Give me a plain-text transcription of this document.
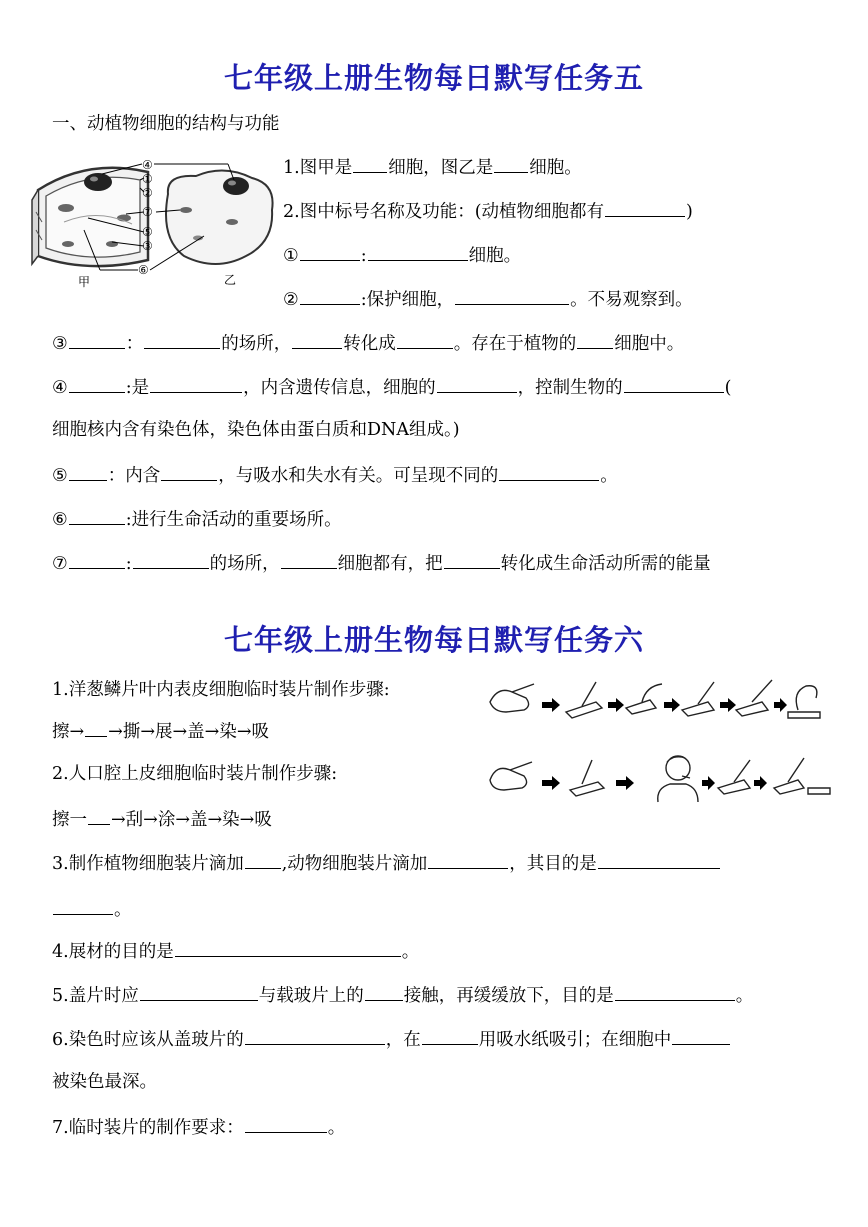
七年级上册生物每日默写任务五
一、动植物细胞的结构与功能
④
①
②
⑦
⑤
③
⑥
甲	乙
1.图甲是 细胞，图乙是 细胞。
2.图中标号名称及功能：(动植物细胞都有	)
①	:	细胞。
②	:保护细胞，	。不易观察到。
③	：	的场所，	转化成	。存在于植物的 细胞中。
④	:是	，内含遗传信息，细胞的	，控制生物的	(
细胞核内含有染色体，染色体由蛋白质和DNA组成。)
⑤ ：内含	，与吸水和失水有关。可呈现不同的	。
⑥	:进行生命活动的重要场所。
⑦	:	的场所，	细胞都有，把	转化成生命活动所需的能量
七年级上册生物每日默写任务六
1.洋葱鳞片叶内表皮细胞临时装片制作步骤:
擦→ →撕→展→盖→染→吸
2.人口腔上皮细胞临时装片制作步骤:
擦一 →刮→涂→盖→染→吸
3.制作植物细胞装片滴加 ,动物细胞装片滴加	，其目的是
。
4.展材的目的是	。
5.盖片时应	与载玻片上的 接触，再缓缓放下，目的是	。
6.染色时应该从盖玻片的	，在	用吸水纸吸引；在细胞中
被染色最深。
7.临时装片的制作要求：	。
